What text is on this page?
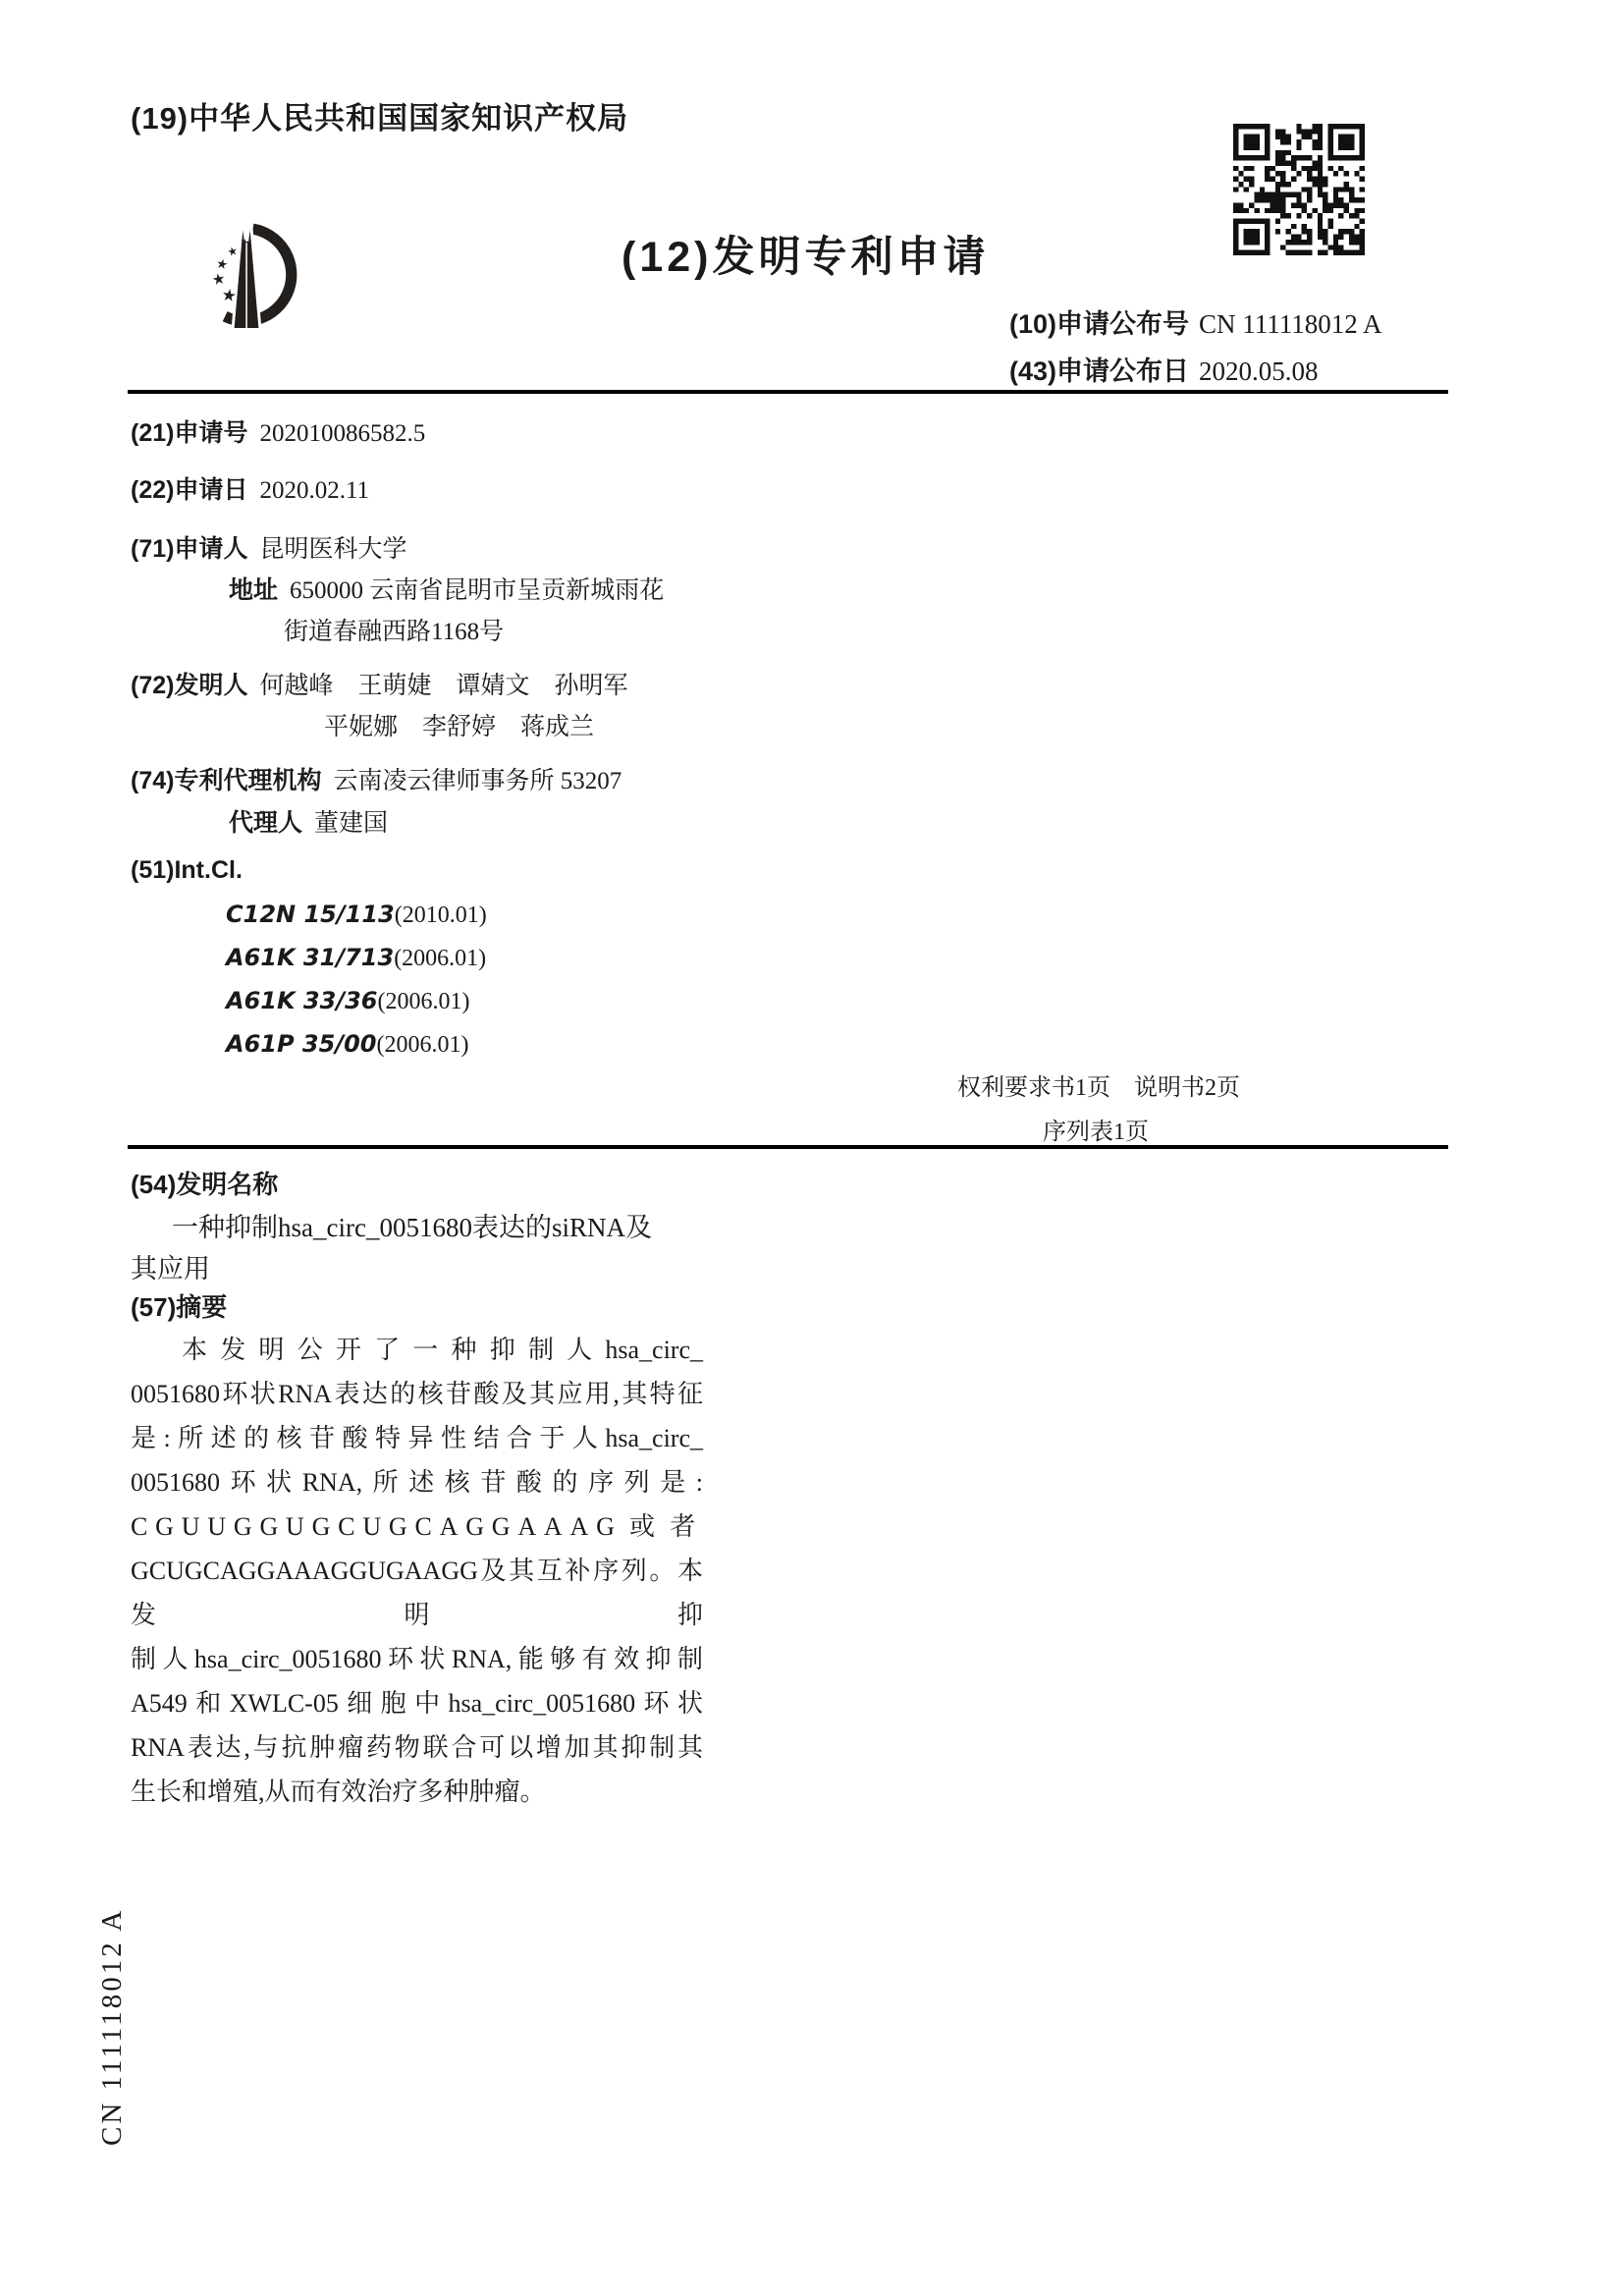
(19)中华人民共和国国家知识产权局
(12)发明专利申请
(10)申请公布号 CN 111118012 A
(43)申请公布日 2020.05.08
(21)申请号 202010086582.5
(22)申请日 2020.02.11
(71)申请人 昆明医科大学
地址 650000 云南省昆明市呈贡新城雨花
街道春融西路1168号
(72)发明人 何越峰　王萌婕　谭婧文　孙明军
平妮娜　李舒婷　蒋成兰
(74)专利代理机构 云南凌云律师事务所 53207
代理人 董建国
(51)Int.Cl.
C12N 15/113(2010.01)
A61K 31/713(2006.01)
A61K 33/36(2006.01)
A61P 35/00(2006.01)
权利要求书1页　说明书2页
序列表1页
(54)发明名称
一种抑制hsa_circ_0051680表达的siRNA及
其应用
(57)摘要
本发明公开了一种抑制人hsa_circ_
0051680环状RNA表达的核苷酸及其应用,其特征
是:所述的核苷酸特异性结合于人hsa_circ_
0051680环状RNA,所述核苷酸的序列是:
CGUUGGUGCUGCAGGAAAG或者
GCUGCAGGAAAGGUGAAGG及其互补序列。本发明抑
制人hsa_circ_0051680环状RNA,能够有效抑制
A549和XWLC-05细胞中hsa_circ_0051680环状
RNA表达,与抗肿瘤药物联合可以增加其抑制其
生长和增殖,从而有效治疗多种肿瘤。
CN 111118012 A
